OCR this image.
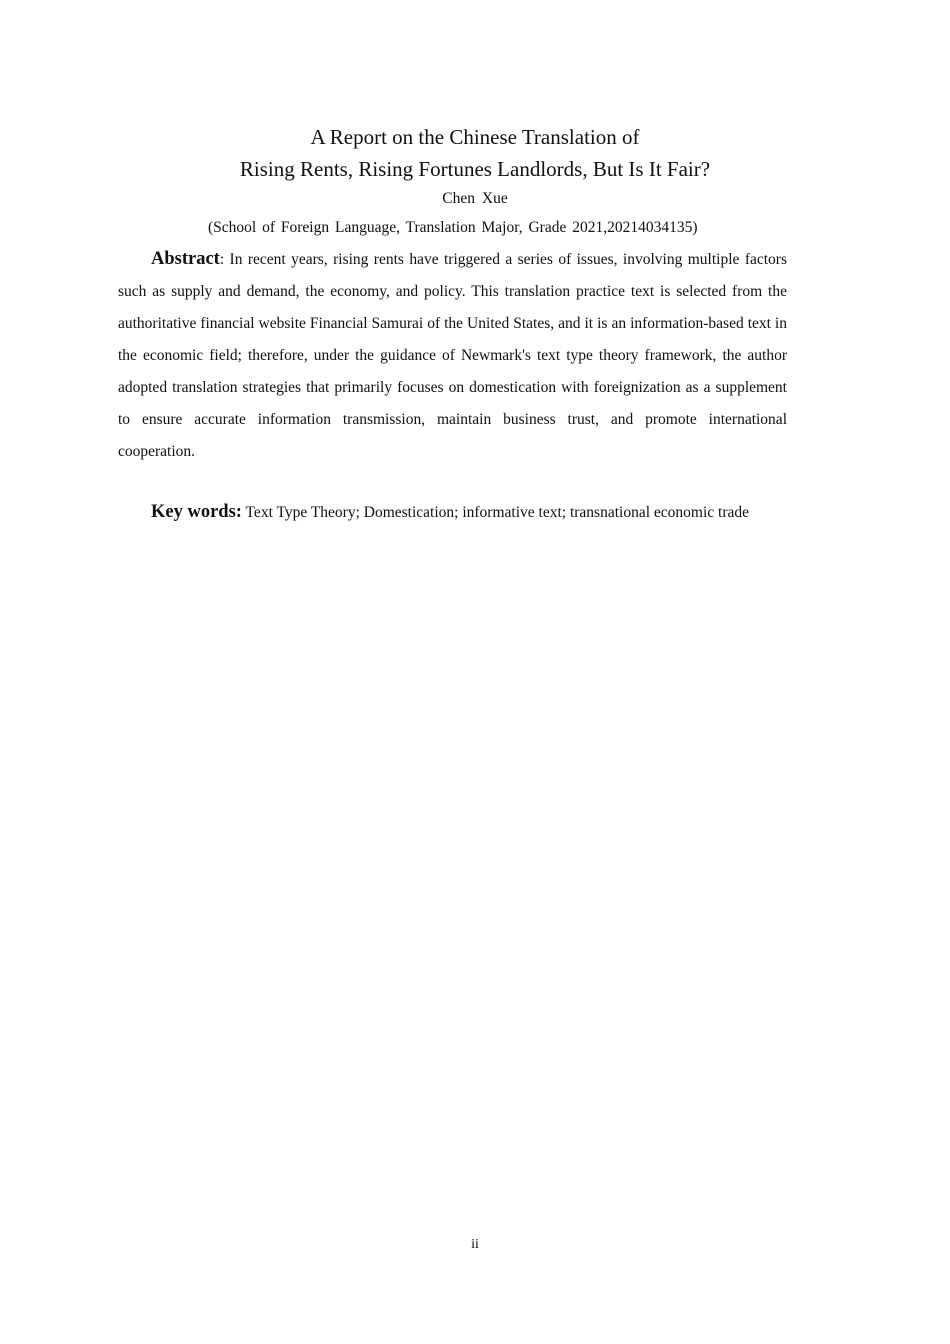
A Report on the Chinese Translation of
Rising Rents, Rising Fortunes Landlords, But Is It Fair?
Chen Xue
(School of Foreign Language, Translation Major, Grade 2021,20214034135)

Abstract: In recent years, rising rents have triggered a series of issues, involving multiple factors such as supply and demand, the economy, and policy. This translation practice text is selected from the authoritative financial website Financial Samurai of the United States, and it is an information-based text in the economic field; therefore, under the guidance of Newmark's text type theory framework, the author adopted translation strategies that primarily focuses on domestication with foreignization as a supplement to ensure accurate information transmission, maintain business trust, and promote international cooperation.

Key words: Text Type Theory; Domestication; informative text; transnational economic trade

ii
